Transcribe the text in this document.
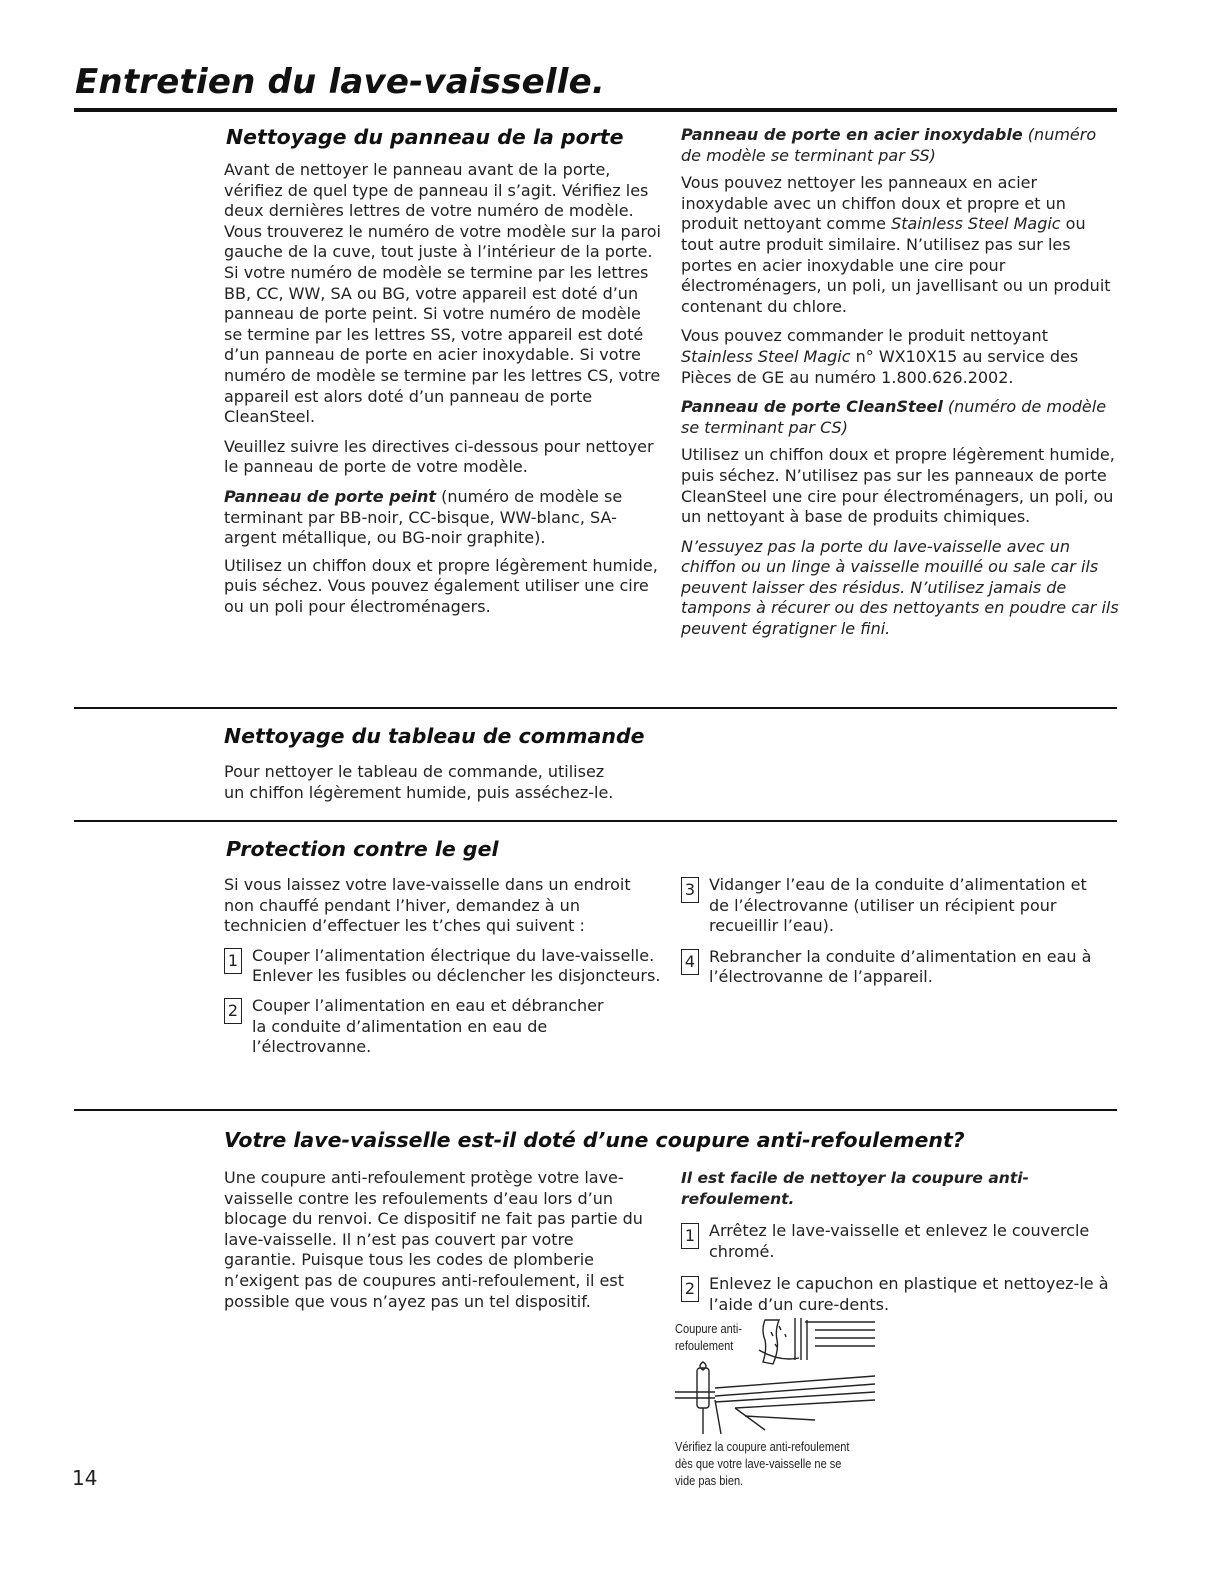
Entretien du lave-vaisselle.
Nettoyage du panneau de la porte

Avant de nettoyer le panneau avant de la porte, vérifiez de quel type de panneau il s’agit. Vérifiez les deux dernières lettres de votre numéro de modèle. Vous trouverez le numéro de votre modèle sur la paroi gauche de la cuve, tout juste à l’intérieur de la porte. Si votre numéro de modèle se termine par les lettres BB, CC, WW, SA ou BG, votre appareil est doté d’un panneau de porte peint. Si votre numéro de modèle se termine par les lettres SS, votre appareil est doté d’un panneau de porte en acier inoxydable. Si votre numéro de modèle se termine par les lettres CS, votre appareil est alors doté d’un panneau de porte CleanSteel.

Veuillez suivre les directives ci-dessous pour nettoyer le panneau de porte de votre modèle.

Panneau de porte peint (numéro de modèle se terminant par BB-noir, CC-bisque, WW-blanc, SA-argent métallique, ou BG-noir graphite).

Utilisez un chiffon doux et propre légèrement humide, puis séchez. Vous pouvez également utiliser une cire ou un poli pour électroménagers.

Panneau de porte en acier inoxydable (numéro de modèle se terminant par SS)

Vous pouvez nettoyer les panneaux en acier inoxydable avec un chiffon doux et propre et un produit nettoyant comme Stainless Steel Magic ou tout autre produit similaire. N’utilisez pas sur les portes en acier inoxydable une cire pour électroménagers, un poli, un javellisant ou un produit contenant du chlore.

Vous pouvez commander le produit nettoyant Stainless Steel Magic n° WX10X15 au service des Pièces de GE au numéro 1.800.626.2002.

Panneau de porte CleanSteel (numéro de modèle se terminant par CS)

Utilisez un chiffon doux et propre légèrement humide, puis séchez. N’utilisez pas sur les panneaux de porte CleanSteel une cire pour électroménagers, un poli, ou un nettoyant à base de produits chimiques.

N’essuyez pas la porte du lave-vaisselle avec un chiffon ou un linge à vaisselle mouillé ou sale car ils peuvent laisser des résidus. N’utilisez jamais de tampons à récurer ou des nettoyants en poudre car ils peuvent égratigner le fini.

Nettoyage du tableau de commande

Pour nettoyer le tableau de commande, utilisez un chiffon légèrement humide, puis asséchez-le.

Protection contre le gel

Si vous laissez votre lave-vaisselle dans un endroit non chauffé pendant l’hiver, demandez à un technicien d’effectuer les t’ches qui suivent :

1 Couper l’alimentation électrique du lave-vaisselle. Enlever les fusibles ou déclencher les disjoncteurs.

2 Couper l’alimentation en eau et débrancher la conduite d’alimentation en eau de l’électrovanne.

3 Vidanger l’eau de la conduite d’alimentation et de l’électrovanne (utiliser un récipient pour recueillir l’eau).

4 Rebrancher la conduite d’alimentation en eau à l’électrovanne de l’appareil.

Votre lave-vaisselle est-il doté d’une coupure anti-refoulement?

Une coupure anti-refoulement protège votre lave-vaisselle contre les refoulements d’eau lors d’un blocage du renvoi. Ce dispositif ne fait pas partie du lave-vaisselle. Il n’est pas couvert par votre garantie. Puisque tous les codes de plomberie n’exigent pas de coupures anti-refoulement, il est possible que vous n’ayez pas un tel dispositif.

Il est facile de nettoyer la coupure anti-refoulement.

1 Arrêtez le lave-vaisselle et enlevez le couvercle chromé.

2 Enlevez le capuchon en plastique et nettoyez-le à l’aide d’un cure-dents.

Coupure anti-
refoulement
Vérifiez la coupure anti-refoulement
dès que votre lave-vaisselle ne se
vide pas bien.
14
